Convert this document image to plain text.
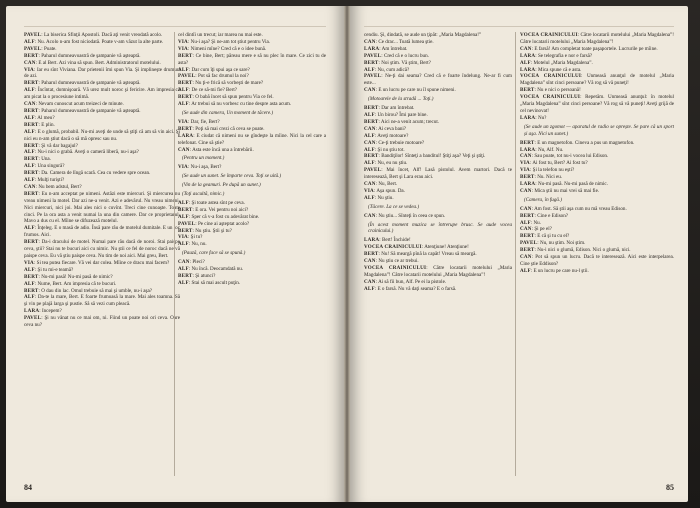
PAVEL: La biserica Sfinţii Apostoli. Dacă aţi venit vreodată acolo.

ALF: Nu. Acolo n-am fost niciodată. Poate v-am văzut la alte parte.

PAVEL: Poate.

BERT: Paharul dumneavoastră de şampanie vă aşteaptă.

CAN: E al Bert. Azi vina să spun. Bert. Administratorul motelului.

VIA: Iar eu sînt Viviana. Dar prietenii îmi spun Via. Şi implineşte drumuri de azi.

BERT: Paharul dumneavoastră de şampanie vă aşteaptă.

ALF: Încîntat, domnişoară. Vă urez mult noroc şi fericire. Am impresia că am picat la o procesiune intimă.

CAN: Nevam cunoscut acum treizeci de minute.

BERT: Paharul dumneavoastră de şampanie vă aşteaptă.

ALF: Al meu?

BERT: E plin.

ALF: E o glumă, probabil. Nu-mi aveţi de unde să ştiţi că am să vin aici. Şi nici eu n-am ştiut dacă o să mă opresc sau nu.

BERT: Şi vă dar bagajul?

ALF: Nu-i nici o grabă. Aveţi o cameră liberă, nu-i aşa?

BERT: Una.

ALF: Una singură?

BERT: Da. Camera de lîngă scară. Cea cu vedere spre ocean.

ALF: Mulţi turişti?

CAN: Nu bem adstul, Bert?

BERT: Eu n-am acceptat pe nimeni. Astăzi este miercuri. Şi miercurea nu vreau nimeni la motel. Dar azi ne-a venit. Azi e adevărul. Nu vreau nimeni. Nici miercuri, nici joi. Mai ales nici o cuvînt. Treci cine cunoaşte. Toate cinci. Pe la ora asta a venit numai la una din camere. Dar ce proprietarul. Mavo a dus cu el. Mîine se difuzează motelul.

ALF: Înţeleg. E o masă de adio. Însă pare rău de motelul dumitale. E un loc frumos. Aici.

BERT: Da-i dracului de motel. Numai pare rău dacă de noroi. Stai paispe ceva, ştii? Stai nu te bucuri aici cu nimic. Nu ştii ce fel de noroc dacă ne vă paispe ceva. Eu vă ştiu paispe ceva. Nu tim de noi aici. Mai greu, Bert.

VIA: Si tea putea fiecare. Vă vei dar colea. Mîine ce dracu mai facem?

ALF: Şi tu mi-e teamă?

BERT: Nu-mi pasă! Nu-mi pasă de nimic?

ALF: Nume, Bert. Am impresia că te bucuri.

BERT: O dau din lac. Omul trebuie să mai şi umble, nu-i aşa?

ALF: Da-te la mare, Bert. E foarte frumoasă la mare. Mai ales toamna. Să şi vin pe plajă larga şi pustie. Să să vezi cum pleacă.

LARA: Incepem?

PAVEL: Şi nu vânat nu ce mai om, ni. Fiind un poate noi ori ceva. Oare ceva nu?

cel dintîi un trecut; iar marea nu mai este.

VIA: Nu-i aşa? Şi ne-am tot ştiut pentru Via.

VIA: Nimeni mîne? Cred că e o idee bună.

BERT: Ce bine, Bert; păreau mere e să nu plec în mare. Ce zici tu de asta?

ALF: Dar cum îţi spui aşa ce sare?

PAVEL: Pot să fac drumul la noi?

BERT: Nu ţi-e frică să vorbeşti de mare?

ALF: De ce să-mi fie? Bert?

BERT: O babă încet să spun pentru Via ce fel.

ALF: Ar trebui să nu vorbesc cu tine despre asta acum.

(Se aude din camera, Un moment de tăcere.)

VIA: Dar, fie, Bert?

BERT: Poţi să mai crezi că ceva se poate.

LARA: E ciudat că nimeni nu se gîndeşte la mîine. Nici la cel care a telefonat. Cine să ştie?

CAN: Asta este încă una a întrebării.

(Pentru un moment.)

VIA: Nu-i aşa, Bert?

(Se aude un sunet. Se împarte ceva. Toţi se uită.)

(Vin de la geamuri. Pe după un sunet.)

(Toţi ascultă, nimic.)

ALF: Şi toate astea sînt pe ceva.

BERT: E ora. Vei pentru noi aici?

ALF: Sper că v-a fost cu adevărat bine.

PAVEL: Pe cine ai aşteptat acolo?

BERT: Nu ştiu. Ştii şi tu?

VIA: Şi tu?

ALF: Nu, nu.

(Pauză, care face să se spună.)

CAN: Pleci?

ALF: Nu încă. Deocamdată nu.

BERT: Şi atunci?

ALF: Stai să mai ascult puţin.

84

cendiu. Şi, dindată, se aude un ţipăt: „Maria Magdalena!”

CAN: Ce drac... Toată lumea ştie.

LARA: Am întrebat.

PAVEL: Cred că e o lucru bun.

BERT: Noi ştim. Vă ştim, Bert?

ALF: Nu, cum adică?

PAVEL: Ne-ţi dai seama? Cred că e foarte îndelung. Ne-ar fi cum este...

CAN: E un lucru pe care nu îl spune nimeni.

(Motoarele de la stradă ... Toţi.)

BERT: Dar am întrebat.

ALF: Un birou? Îmi pare bine.

BERT: Aici ne-a venit acum; trecut.

CAN: Ai ceva bani?

ALF: Aveţi motoare?

CAN: Ce-ţi trebuie motoare?

ALF: Şi nu ştiu tot.

BERT: Bandiţilor! Sînteţi a banditul! Ştiţi aşa? Veţi şi ştiţi.

ALF: Nu, eu nu ştiu.

PAVEL: Mai încet, Alf! Lasă pistolul. Avem martori. Dacă te interesează, Bert şi Lara erau aici.

CAN: Nu, Bert.

VIA: Aşa spun. Da.

ALF: Nu ştiu.

(Tăcere. La ce se vedea.)

CAN: Nu ştiu... Sînteţi în ceea ce spun.

(În acest moment muzica se întrerupe brusc. Se aude vocea crainicului.)

LARA: Bert! Închide!

VOCEA CRAINICULUI: Atenţiune! Atenţiune!

BERT: Nu! Să meargă pînă la capăt! Vreau să meargă.

CAN: Nu ştiu ce ar trebui.

VOCEA CRAINICULUI: Către locatarii motelului „Maria Magdalena”! Către locatarii motelului „Maria Magdalena”!

CAN: Ai să fii bun, Alf. Pe ei la pistole.

ALF: E o farsă. Nu vă daţi seama? E o farsă.

VOCEA CRAINICULUI: Către locatarii motelului „Maria Magdalena”! Către locatarii motelului „Maria Magdalena”!

CAN: E farsă! Am completat toate paşaportele. Lucrurile pe mîine.

LARA: Se telegrafia e nor e farsă?

ALF: Motelul „Maria Magdalena”.

LARA: Mica spune că e asta.

VOCEA CRAINICULUI: Unmeasă anunţul de motelul „Maria Magdalena” sînt cinci persoane? Vă rog să vă puneţi!

BERT: Nu e nici o persoană!

VOCEA CRAINICULUI: Repetăm. Unmeasă anunţul: în motelul „Maria Magdalena” sînt cinci persoane? Vă rog să vă puneţi! Aveţi grijă de cel nevinovat!

LARA: Nu?

(Se aude un zgomot — aparatul de radio se oprește. Se pare că un sport și aşa. Nici un sunet.)

BERT: E un magnetofon. Cineva a pus un magnetofon.

LARA: Nu, Alf. Nu.

CAN: Sau poate, tot nu-i vocea lui Edison.

VIA: Ai fost tu, Bert? Ai fost tu?

VIA: Şi la telefon nu eşti?

BERT: Nu. Nici eu.

LARA: Nu-mi pasă. Nu-mi pasă de nimic.

CAN: Mica ştii nu mai vrei să mai fie.

(Camera, în fugă.)

CAN: Am fost. Să ştii aşa cum nu mă vreau Edison.

BERT: Cine e Edison?

ALF: Nu.

CAN: Şi pe el?

BERT: E că şi tu cu el?

PAVEL: Nu, nu ştim. Noi ştim.

BERT: Nu-i nici o glumă, Edison. Nici o glumă, nici.

CAN: Pot să spun un lucru. Dacă te interesează. Aici este interpelarea. Cine ştie Eddison?

ALF: E un lucru pe care nu-l ştii.

85
